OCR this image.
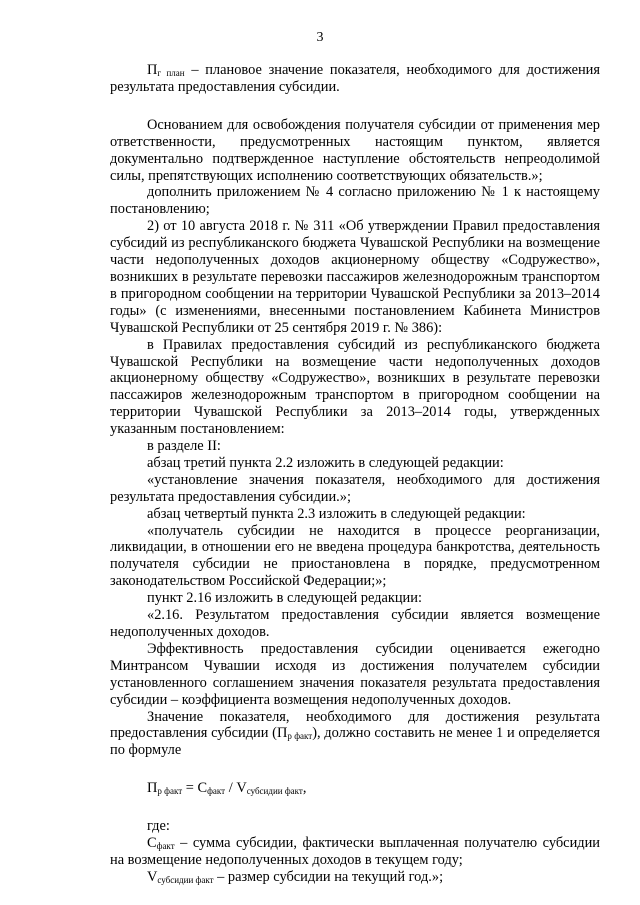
3

$П_{г план}$ – плановое значение показателя, необходимого для достижения результата предоставления субсидии.

Основанием для освобождения получателя субсидии от применения мер ответственности, предусмотренных настоящим пунктом, является документально подтвержденное наступление обстоятельств непреодолимой силы, препятствующих исполнению соответствующих обязательств.»;

дополнить приложением № 4 согласно приложению № 1 к настоящему постановлению;

2) от 10 августа 2018 г. № 311 «Об утверждении Правил предоставления субсидий из республиканского бюджета Чувашской Республики на возмещение части недополученных доходов акционерному обществу «Содружество», возникших в результате перевозки пассажиров железнодорожным транспортом в пригородном сообщении на территории Чувашской Республики за 2013–2014 годы» (с изменениями, внесенными постановлением Кабинета Министров Чувашской Республики от 25 сентября 2019 г. № 386):

в Правилах предоставления субсидий из республиканского бюджета Чувашской Республики на возмещение части недополученных доходов акционерному обществу «Содружество», возникших в результате перевозки пассажиров железнодорожным транспортом в пригородном сообщении на территории Чувашской Республики за 2013–2014 годы, утвержденных указанным постановлением:

в разделе II:

абзац третий пункта 2.2 изложить в следующей редакции:

«установление значения показателя, необходимого для достижения результата предоставления субсидии.»;

абзац четвертый пункта 2.3 изложить в следующей редакции:

«получатель субсидии не находится в процессе реорганизации, ликвидации, в отношении его не введена процедура банкротства, деятельность получателя субсидии не приостановлена в порядке, предусмотренном законодательством Российской Федерации;»;

пункт 2.16 изложить в следующей редакции:

«2.16. Результатом предоставления субсидии является возмещение недополученных доходов.

Эффективность предоставления субсидии оценивается ежегодно Минтрансом Чувашии исходя из достижения получателем субсидии установленного соглашением значения показателя результата предоставления субсидии – коэффициента возмещения недополученных доходов.

Значение показателя, необходимого для достижения результата предоставления субсидии $(П_{р факт})$, должно составить не менее 1 и определяется по формуле

$П_{р факт} = С_{факт} / V_{субсидии факт}$,

где:

$С_{факт}$ – сумма субсидии, фактически выплаченная получателю субсидии на возмещение недополученных доходов в текущем году;

$V_{субсидии факт}$ – размер субсидии на текущий год.»;
